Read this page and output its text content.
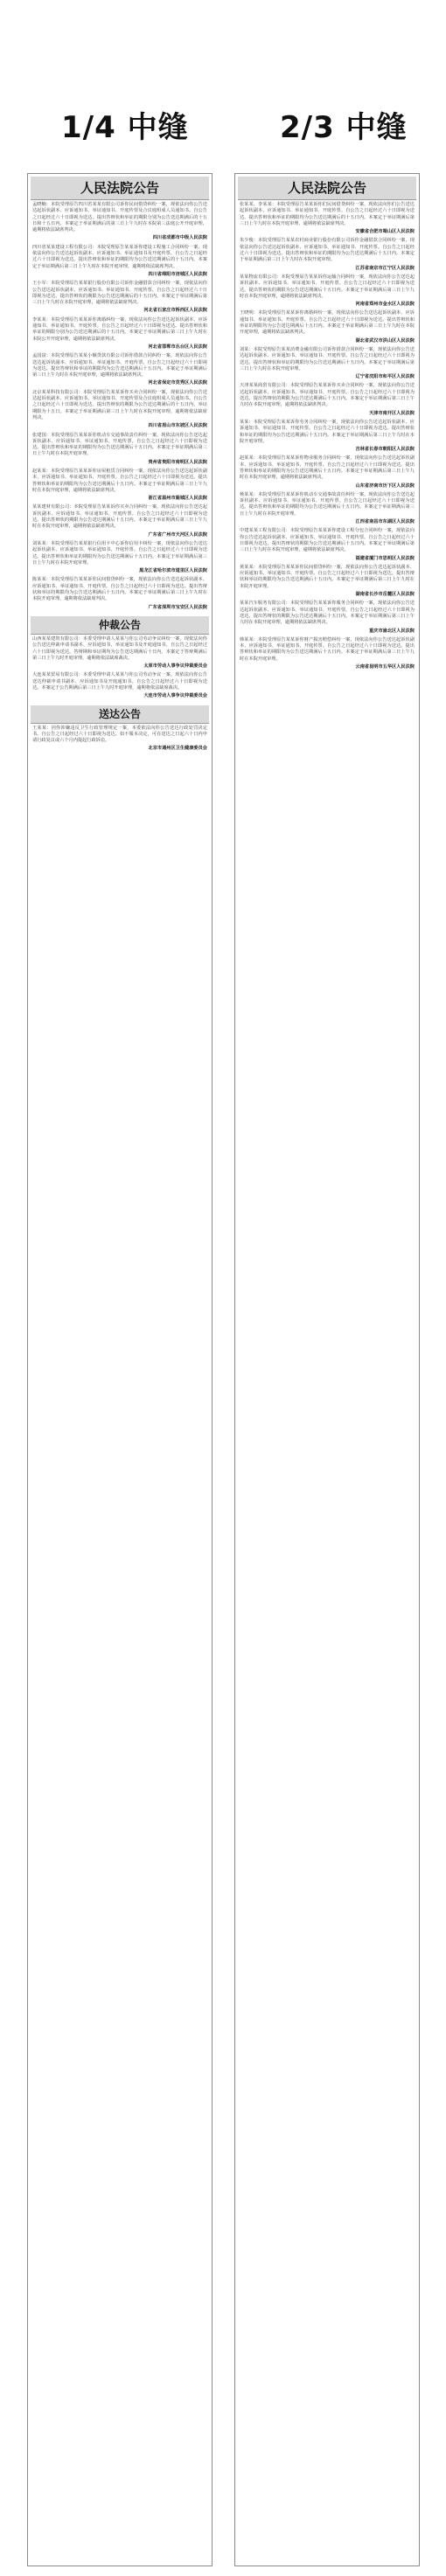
1/4 中缝	2/3 中缝
人民法院公告

孟晓楠：本院受理原告四川省某某有限公司诉你民间借贷纠纷一案，现依法向你公告送达起诉状副本、应诉通知书、举证通知书、开庭传票及合议庭组成人员通知书。自公告之日起经过六十日即视为送达。提出答辩状和举证的期限分别为公告送达期满后的十五日和十五日内。本案定于举证期满后的第三日上午九时在本院第三法庭公开开庭审理，逾期将依法缺席判决。

四川省成都市中级人民法院

四川省某某建设工程有限公司：本院受理原告某某诉你建设工程施工合同纠纷一案，现依法向你公告送达起诉状副本、应诉通知书、举证通知书及开庭传票。自公告之日起经过六十日即视为送达。提出答辩状和举证的期限均为公告送达期满后的十五日内。本案定于举证期满后第三日上午九时在本院开庭审理，逾期将依法缺席判决。

四川省绵阳市涪城区人民法院

王小军：本院受理原告某某银行股份有限公司诉你金融借款合同纠纷一案，现依法向你公告送达起诉状副本、应诉通知书、举证通知书、开庭传票。自公告之日起经过六十日即视为送达。提出答辩状的期限为公告送达期满后的十五日内。本案定于举证期满后第三日上午九时在本院开庭审理，逾期将依法缺席判决。

河北省石家庄市桥西区人民法院

李某某：本院受理原告某某诉你离婚纠纷一案，现依法向你公告送达起诉状副本、应诉通知书、举证通知书、开庭传票。自公告之日起经过六十日即视为送达。提出答辩状和举证的期限分别为公告送达期满后的十五日内。本案定于举证期满后第三日上午九时在本院公开开庭审理，逾期将依法缺席判决。

河北省邯郸市丛台区人民法院

孟国富：本院受理原告某某小额贷款有限公司诉你借款合同纠纷一案，现依法向你公告送达起诉状副本、应诉通知书、举证通知书、开庭传票。自公告之日起经过六十日即视为送达。提出答辩状和举证的期限均为公告送达期满后十五日内。本案定于举证期满后第三日上午九时在本院开庭审理，逾期将依法缺席判决。

河北省保定市竞秀区人民法院

北京某某科技有限公司：本院受理原告某某诉你买卖合同纠纷一案，现依法向你公告送达起诉状副本、应诉通知书、举证通知书、开庭传票及合议庭组成人员通知书。自公告之日起经过六十日即视为送达。提出答辩状的期限为公告送达期满后的十五日内，举证期限为十五日。本案定于举证期满后第三日上午九时在本院开庭审理，逾期将依法缺席判决。

四川省眉山市东坡区人民法院

张建国：本院受理原告某某诉你机动车交通事故责任纠纷一案，现依法向你公告送达起诉状副本、应诉通知书、举证通知书、开庭传票。自公告之日起经过六十日即视为送达。提出答辩状和举证的期限均为公告送达期满后十五日内。本案定于举证期满后第三日上午九时在本院开庭审理。

贵州省贵阳市南明区人民法院

赵某某：本院受理原告某某诉你房屋租赁合同纠纷一案，现依法向你公告送达起诉状副本、应诉通知书、举证通知书、开庭传票。自公告之日起经过六十日即视为送达。提出答辩状和举证的期限均为公告送达期满后十五日内。本案定于举证期满后第三日上午九时在本院开庭审理，逾期将依法缺席判决。

浙江省温州市鹿城区人民法院

某某建材有限公司：本院受理原告某某诉你买卖合同纠纷一案，现依法向你公告送达起诉状副本、应诉通知书、举证通知书、开庭传票。自公告之日起经过六十日即视为送达。提出答辩状的期限为公告送达期满后十五日内。本案定于举证期满后第三日上午九时在本院开庭审理，逾期将依法缺席判决。

广东省广州市天河区人民法院

刘某某：本院受理原告某某银行信用卡中心诉你信用卡纠纷一案，现依法向你公告送达起诉状副本、应诉通知书、举证通知书、开庭传票。自公告之日起经过六十日即视为送达。提出答辩状和举证的期限均为公告送达期满后十五日内。本案定于举证期满后第三日上午九时在本院开庭审理。

黑龙江省哈尔滨市道里区人民法院

陈某某：本院受理原告某某诉你民间借贷纠纷一案，现依法向你公告送达起诉状副本、应诉通知书、举证通知书、开庭传票。自公告之日起经过六十日即视为送达。提出答辩状和举证的期限均为公告送达期满后十五日内。本案定于举证期满后第三日上午九时在本院开庭审理，逾期将依法缺席判决。

广东省深圳市宝安区人民法院

仲裁公告

山西某某建筑有限公司：本委受理申请人某某与你公司劳动争议纠纷一案，现依法向你公告送达仲裁申请书副本、应诉通知书、举证通知书及开庭通知书。自公告之日起经过六十日即视为送达。答辩期和举证期均为公告送达期满后十日内。本案定于答辩期满后第三日上午九时开庭审理，逾期将依法缺席裁决。

太原市劳动人事争议仲裁委员会

大连某某贸易有限公司：本委受理申请人某某与你公司劳动争议一案，现依法向你公告送达仲裁申请书副本、应诉通知书及开庭通知书。自公告之日起经过六十日即视为送达。本案定于公告期满后第三日上午九时开庭审理，逾期将依法缺席裁决。

大连市劳动人事争议仲裁委员会

送达公告

王某某：因你涉嫌违反卫生行政管理规定一案，本委依法向你公告送达行政处罚决定书。自公告之日起经过六十日即视为送达。如不服本决定，可在送达之日起六十日内申请行政复议或六个月内提起行政诉讼。

北京市通州区卫生健康委员会

人民法院公告

张某某、李某某：本院受理原告某某诉你们民间借贷纠纷一案，现依法向你们公告送达起诉状副本、应诉通知书、举证通知书、开庭传票。自公告之日起经过六十日即视为送达。提出答辩状和举证的期限均为公告送达期满后的十五日内。本案定于举证期满后第三日上午九时在本院开庭审理，逾期将依法缺席判决。

安徽省合肥市蜀山区人民法院

朱少俊：本院受理原告某某农村商业银行股份有限公司诉你金融借款合同纠纷一案，现依法向你公告送达起诉状副本、应诉通知书、举证通知书、开庭传票。自公告之日起经过六十日即视为送达。提出答辩状和举证的期限均为公告送达期满后十五日内。本案定于举证期满后第三日上午九时在本院开庭审理。

江苏省南京市江宁区人民法院

某某物流有限公司：本院受理原告某某诉你运输合同纠纷一案，现依法向你公告送达起诉状副本、应诉通知书、举证通知书、开庭传票。自公告之日起经过六十日即视为送达。提出答辩状的期限为公告送达期满后十五日内。本案定于举证期满后第三日上午九时在本院开庭审理，逾期将依法缺席判决。

河南省郑州市金水区人民法院

王晓明：本院受理原告某某诉你离婚纠纷一案，现依法向你公告送达起诉状副本、应诉通知书、举证通知书、开庭传票。自公告之日起经过六十日即视为送达。提出答辩状和举证的期限均为公告送达期满后十五日内。本案定于举证期满后第三日上午九时在本院开庭审理，逾期将依法缺席判决。

湖北省武汉市洪山区人民法院

刘某：本院受理原告某某消费金融有限公司诉你借款合同纠纷一案，现依法向你公告送达起诉状副本、应诉通知书、举证通知书、开庭传票。自公告之日起经过六十日即视为送达。提出答辩状和举证的期限均为公告送达期满后十五日内。本案定于举证期满后第三日上午九时在本院开庭审理。

辽宁省沈阳市和平区人民法院

天津某某商贸有限公司：本院受理原告某某诉你买卖合同纠纷一案，现依法向你公告送达起诉状副本、应诉通知书、举证通知书、开庭传票。自公告之日起经过六十日即视为送达。提出答辩状的期限为公告送达期满后十五日内。本案定于举证期满后第三日上午九时在本院开庭审理，逾期将依法缺席判决。

天津市南开区人民法院

某某：本院受理原告某某诉你劳务合同纠纷一案，现依法向你公告送达起诉状副本、应诉通知书、举证通知书、开庭传票。自公告之日起经过六十日即视为送达。提出答辩状和举证的期限均为公告送达期满后十五日内。本案定于举证期满后第三日上午九时在本院开庭审理。

吉林省长春市朝阳区人民法院

赵某某：本院受理原告某某诉你物业服务合同纠纷一案，现依法向你公告送达起诉状副本、应诉通知书、举证通知书、开庭传票。自公告之日起经过六十日即视为送达。提出答辩状和举证的期限均为公告送达期满后十五日内。本案定于举证期满后第三日上午九时在本院开庭审理，逾期将依法缺席判决。

山东省济南市历下区人民法院

杨某某：本院受理原告某某诉你机动车交通事故责任纠纷一案，现依法向你公告送达起诉状副本、应诉通知书、举证通知书、开庭传票。自公告之日起经过六十日即视为送达。提出答辩状和举证的期限均为公告送达期满后十五日内。本案定于举证期满后第三日上午九时在本院开庭审理。

江西省南昌市东湖区人民法院

中建某某工程有限公司：本院受理原告某某诉你建设工程分包合同纠纷一案，现依法向你公告送达起诉状副本、应诉通知书、举证通知书、开庭传票。自公告之日起经过六十日即视为送达。提出答辩状的期限为公告送达期满后十五日内。本案定于举证期满后第三日上午九时在本院开庭审理，逾期将依法缺席判决。

福建省厦门市思明区人民法院

黄某某：本院受理原告某某诉你民间借贷纠纷一案，现依法向你公告送达起诉状副本、应诉通知书、举证通知书、开庭传票。自公告之日起经过六十日即视为送达。提出答辩状和举证的期限均为公告送达期满后十五日内。本案定于举证期满后第三日上午九时在本院开庭审理。

湖南省长沙市岳麓区人民法院

某某汽车服务有限公司：本院受理原告某某诉你服务合同纠纷一案，现依法向你公告送达起诉状副本、应诉通知书、举证通知书、开庭传票。自公告之日起经过六十日即视为送达。提出答辩状的期限为公告送达期满后十五日内。本案定于举证期满后第三日上午九时在本院开庭审理，逾期将依法缺席判决。

重庆市渝北区人民法院

韩某某：本院受理原告某某诉你财产损害赔偿纠纷一案，现依法向你公告送达起诉状副本、应诉通知书、举证通知书、开庭传票。自公告之日起经过六十日即视为送达。提出答辩状和举证的期限均为公告送达期满后十五日内。本案定于举证期满后第三日上午九时在本院开庭审理。

云南省昆明市五华区人民法院
